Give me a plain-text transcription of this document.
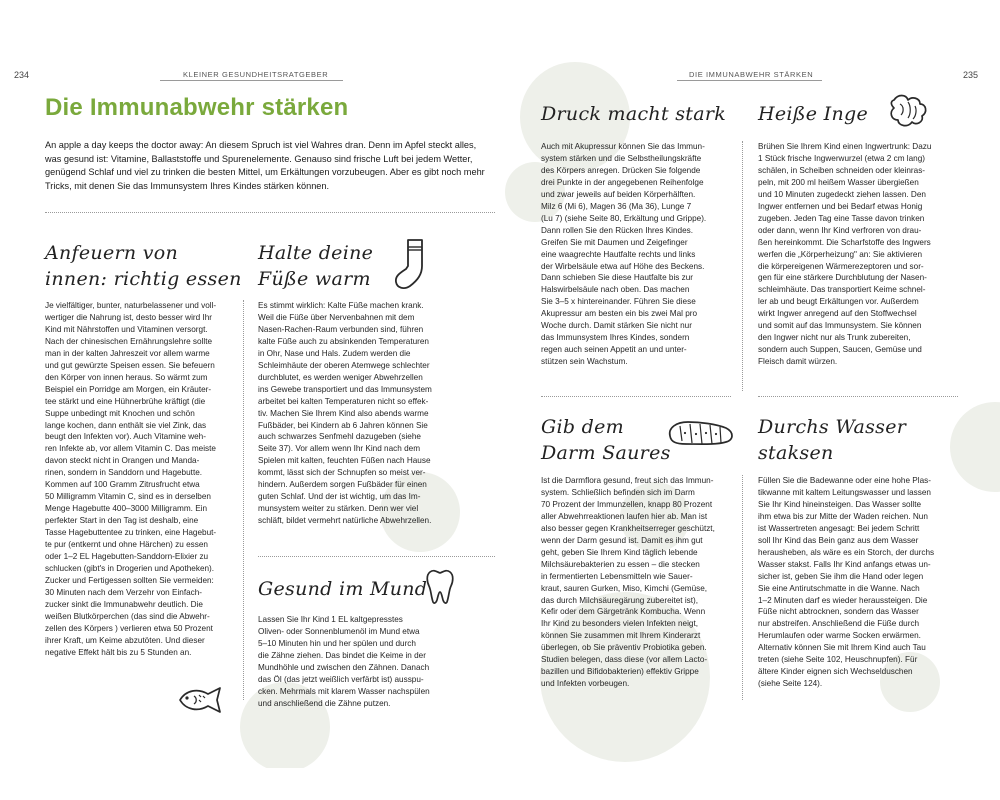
234	KLEINER GESUNDHEITSRATGEBER	DIE IMMUNABWEHR STÄRKEN	235
Die Immunabwehr stärken

An apple a day keeps the doctor away: An diesem Spruch ist viel Wahres dran. Denn im Apfel steckt alles, was gesund ist: Vitamine, Ballaststoffe und Spurenelemente. Genauso sind frische Luft bei jedem Wetter, genügend Schlaf und viel zu trinken die besten Mittel, um Erkältungen vorzubeugen. Aber es gibt noch mehr Tricks, mit denen Sie das Immunsystem Ihres Kindes stärken können.

Anfeuern von
innen: richtig essen
Halte deine
Füße warm
Je vielfältiger, bunter, naturbelassener und voll-
wertiger die Nahrung ist, desto besser wird Ihr
Kind mit Nährstoffen und Vitaminen versorgt.
Nach der chinesischen Ernährungslehre sollte
man in der kalten Jahreszeit vor allem warme
und gut gewürzte Speisen essen. Sie befeuern
den Körper von innen heraus. So wärmt zum
Beispiel ein Porridge am Morgen, ein Kräuter-
tee stärkt und eine Hühnerbrühe kräftigt (die
Suppe unbedingt mit Knochen und schön
lange kochen, dann enthält sie viel Zink, das
beugt den Infekten vor). Auch Vitamine weh-
ren Infekte ab, vor allem Vitamin C. Das meiste
davon steckt nicht in Orangen und Manda-
rinen, sondern in Sanddorn und Hagebutte.
Kommen auf 100 Gramm Zitrusfrucht etwa
50 Milligramm Vitamin C, sind es in derselben
Menge Hagebutte 400–3000 Milligramm. Ein
perfekter Start in den Tag ist deshalb, eine
Tasse Hagebuttentee zu trinken, eine Hagebut-
te pur (entkernt und ohne Härchen) zu essen
oder 1–2 EL Hagebutten-Sanddorn-Elixier zu
schlucken (gibt's in Drogerien und Apotheken).
Zucker und Fertigessen sollten Sie vermeiden:
30 Minuten nach dem Verzehr von Einfach-
zucker sinkt die Immunabwehr deutlich. Die
weißen Blutkörperchen (das sind die Abwehr-
zellen des Körpers ) verlieren etwa 50 Prozent
ihrer Kraft, um Keime abzutöten. Und dieser
negative Effekt hält bis zu 5 Stunden an.
Es stimmt wirklich: Kalte Füße machen krank.
Weil die Füße über Nervenbahnen mit dem
Nasen-Rachen-Raum verbunden sind, führen
kalte Füße auch zu absinkenden Temperaturen
in Ohr, Nase und Hals. Zudem werden die
Schleimhäute der oberen Atemwege schlechter
durchblutet, es werden weniger Abwehrzellen
ins Gewebe transportiert und das Immunsystem
arbeitet bei kalten Temperaturen nicht so effek-
tiv. Machen Sie Ihrem Kind also abends warme
Fußbäder, bei Kindern ab 6 Jahren können Sie
auch schwarzes Senfmehl dazugeben (siehe
Seite 37). Vor allem wenn Ihr Kind nach dem
Spielen mit kalten, feuchten Füßen nach Hause
kommt, lässt sich der Schnupfen so meist ver-
hindern. Außerdem sorgen Fußbäder für einen
guten Schlaf. Und der ist wichtig, um das Im-
munsystem weiter zu stärken. Denn wer viel
schläft, bildet vermehrt natürliche Abwehrzellen.
Gesund im Mund
Lassen Sie Ihr Kind 1 EL kaltgepresstes
Oliven- oder Sonnenblumenöl im Mund etwa
5–10 Minuten hin und her spülen und durch
die Zähne ziehen. Das bindet die Keime in der
Mundhöhle und zwischen den Zähnen. Danach
das Öl (das jetzt weißlich verfärbt ist) ausspu-
cken. Mehrmals mit klarem Wasser nachspülen
und anschließend die Zähne putzen.
Druck macht stark Heiße Inge
Auch mit Akupressur können Sie das Immun-
system stärken und die Selbstheilungskräfte
des Körpers anregen. Drücken Sie folgende
drei Punkte in der angegebenen Reihenfolge
und zwar jeweils auf beiden Körperhälften.
Milz 6 (Mi 6), Magen 36 (Ma 36), Lunge 7
(Lu 7) (siehe Seite 80, Erkältung und Grippe).
Dann rollen Sie den Rücken Ihres Kindes.
Greifen Sie mit Daumen und Zeigefinger
eine waagrechte Hautfalte rechts und links
der Wirbelsäule etwa auf Höhe des Beckens.
Dann schieben Sie diese Hautfalte bis zur
Halswirbelsäule nach oben. Das machen
Sie 3–5 x hintereinander. Führen Sie diese
Akupressur am besten ein bis zwei Mal pro
Woche durch. Damit stärken Sie nicht nur
das Immunsystem Ihres Kindes, sondern
regen auch seinen Appetit an und unter-
stützen sein Wachstum.
Brühen Sie Ihrem Kind einen Ingwertrunk: Dazu
1 Stück frische Ingwerwurzel (etwa 2 cm lang)
schälen, in Scheiben schneiden oder kleinras-
peln, mit 200 ml heißem Wasser übergießen
und 10 Minuten zugedeckt ziehen lassen. Den
Ingwer entfernen und bei Bedarf etwas Honig
zugeben. Jeden Tag eine Tasse davon trinken
oder dann, wenn Ihr Kind verfroren von drau-
ßen hereinkommt. Die Scharfstoffe des Ingwers
werfen die „Körperheizung" an: Sie aktivieren
die körpereigenen Wärmerezeptoren und sor-
gen für eine stärkere Durchblutung der Nasen-
schleimhäute. Das transportiert Keime schnel-
ler ab und beugt Erkältungen vor. Außerdem
wirkt Ingwer anregend auf den Stoffwechsel
und somit auf das Immunsystem. Sie können
den Ingwer nicht nur als Trunk zubereiten,
sondern auch Suppen, Saucen, Gemüse und
Fleisch damit würzen.
Gib dem
Darm Saures
Durchs Wasser
staksen
Ist die Darmflora gesund, freut sich das Immun-
system. Schließlich befinden sich im Darm
70 Prozent der Immunzellen, knapp 80 Prozent
aller Abwehrreaktionen laufen hier ab. Man ist
also besser gegen Krankheitserreger geschützt,
wenn der Darm gesund ist. Damit es ihm gut
geht, geben Sie Ihrem Kind täglich lebende
Milchsäurebakterien zu essen – die stecken
in fermentierten Lebensmitteln wie Sauer-
kraut, sauren Gurken, Miso, Kimchi (Gemüse,
das durch Milchsäuregärung zubereitet ist),
Kefir oder dem Gärgetränk Kombucha. Wenn
Ihr Kind zu besonders vielen Infekten neigt,
können Sie zusammen mit Ihrem Kinderarzt
überlegen, ob Sie präventiv Probiotika geben.
Studien belegen, dass diese (vor allem Lacto-
bazillen und Bifidobakterien) effektiv Grippe
und Infekten vorbeugen.
Füllen Sie die Badewanne oder eine hohe Plas-
tikwanne mit kaltem Leitungswasser und lassen
Sie Ihr Kind hineinsteigen. Das Wasser sollte
ihm etwa bis zur Mitte der Waden reichen. Nun
ist Wassertreten angesagt: Bei jedem Schritt
soll Ihr Kind das Bein ganz aus dem Wasser
herausheben, als wäre es ein Storch, der durchs
Wasser stakst. Falls Ihr Kind anfangs etwas un-
sicher ist, geben Sie ihm die Hand oder legen
Sie eine Antirutschmatte in die Wanne. Nach
1–2 Minuten darf es wieder heraussteigen. Die
Füße nicht abtrocknen, sondern das Wasser
nur abstreifen. Anschließend die Füße durch
Herumlaufen oder warme Socken erwärmen.
Alternativ können Sie mit Ihrem Kind auch Tau
treten (siehe Seite 102, Heuschnupfen). Für
ältere Kinder eignen sich Wechselduschen
(siehe Seite 124).
